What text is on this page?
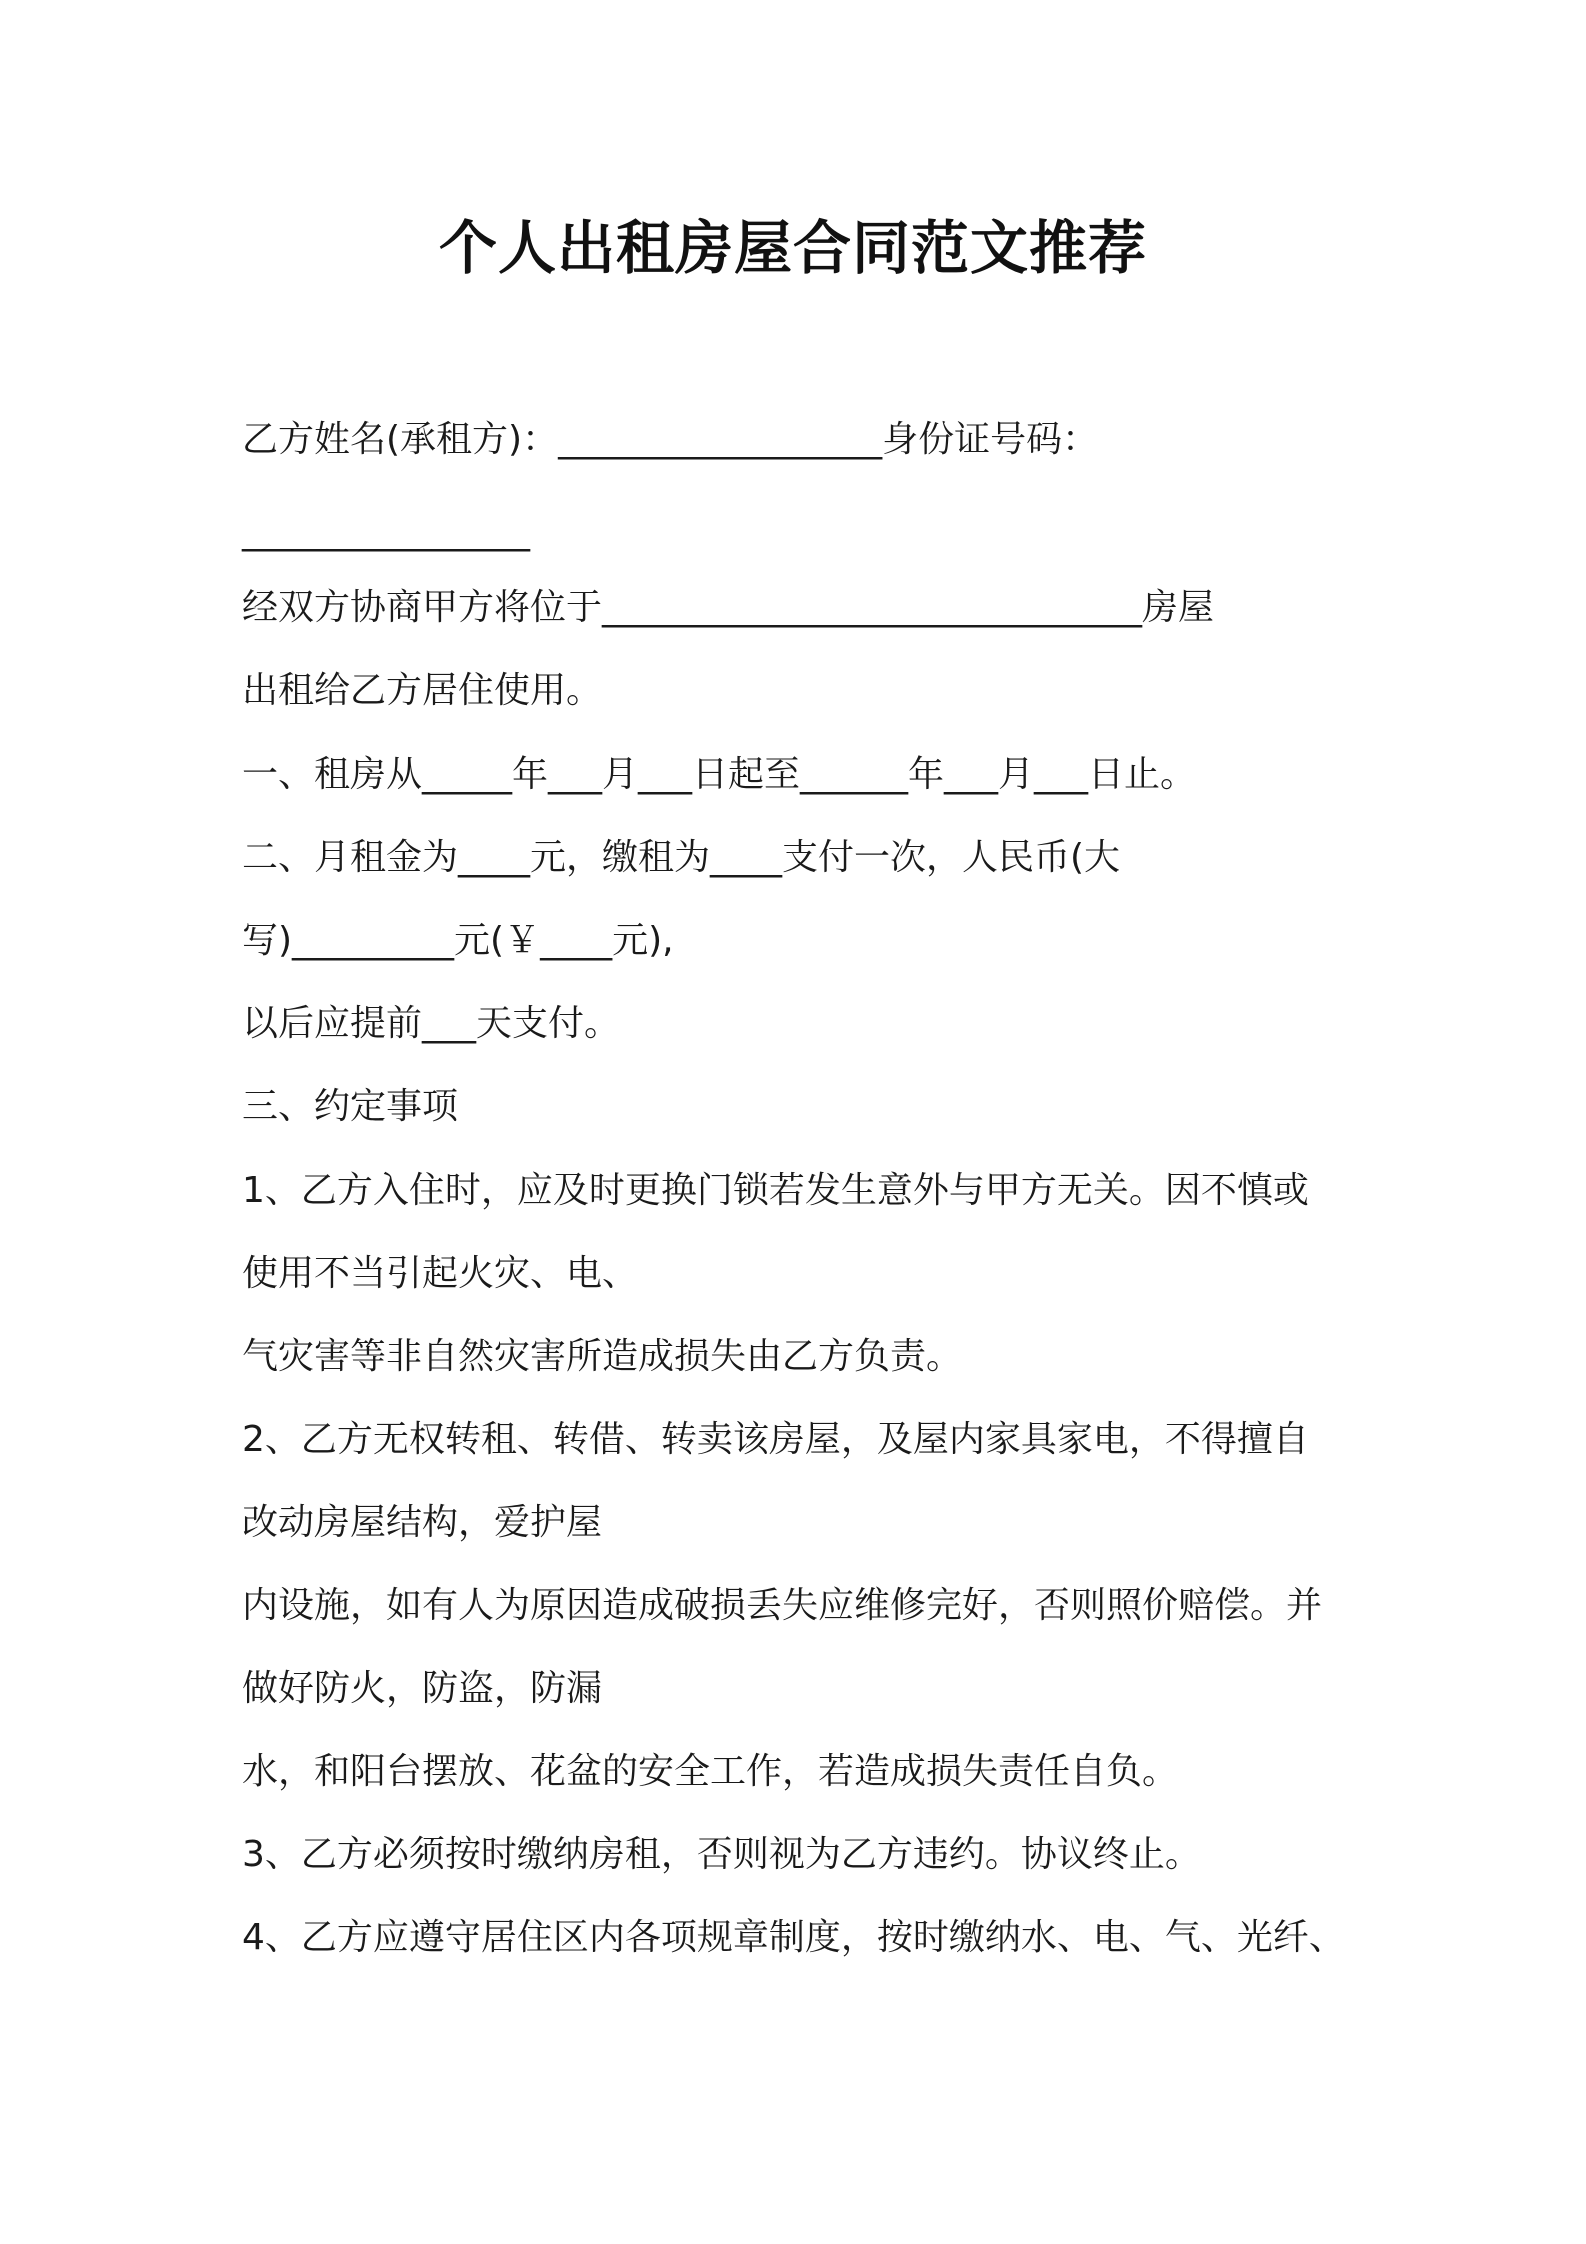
个人出租房屋合同范文推荐
乙方姓名(承租方)：__________________身份证号码：
________________
经双方协商甲方将位于______________________________房屋
出租给乙方居住使用。
一、租房从_____年___月___日起至______年___月___日止。
二、月租金为____元，缴租为____支付一次，人民币(大
写)_________元(￥____元),
以后应提前___天支付。
三、约定事项
1、乙方入住时，应及时更换门锁若发生意外与甲方无关。因不慎或
使用不当引起火灾、电、
气灾害等非自然灾害所造成损失由乙方负责。
2、乙方无权转租、转借、转卖该房屋，及屋内家具家电，不得擅自
改动房屋结构，爱护屋
内设施，如有人为原因造成破损丢失应维修完好，否则照价赔偿。并
做好防火，防盗，防漏
水，和阳台摆放、花盆的安全工作，若造成损失责任自负。
3、乙方必须按时缴纳房租，否则视为乙方违约。协议终止。
4、乙方应遵守居住区内各项规章制度，按时缴纳水、电、气、光纤、
